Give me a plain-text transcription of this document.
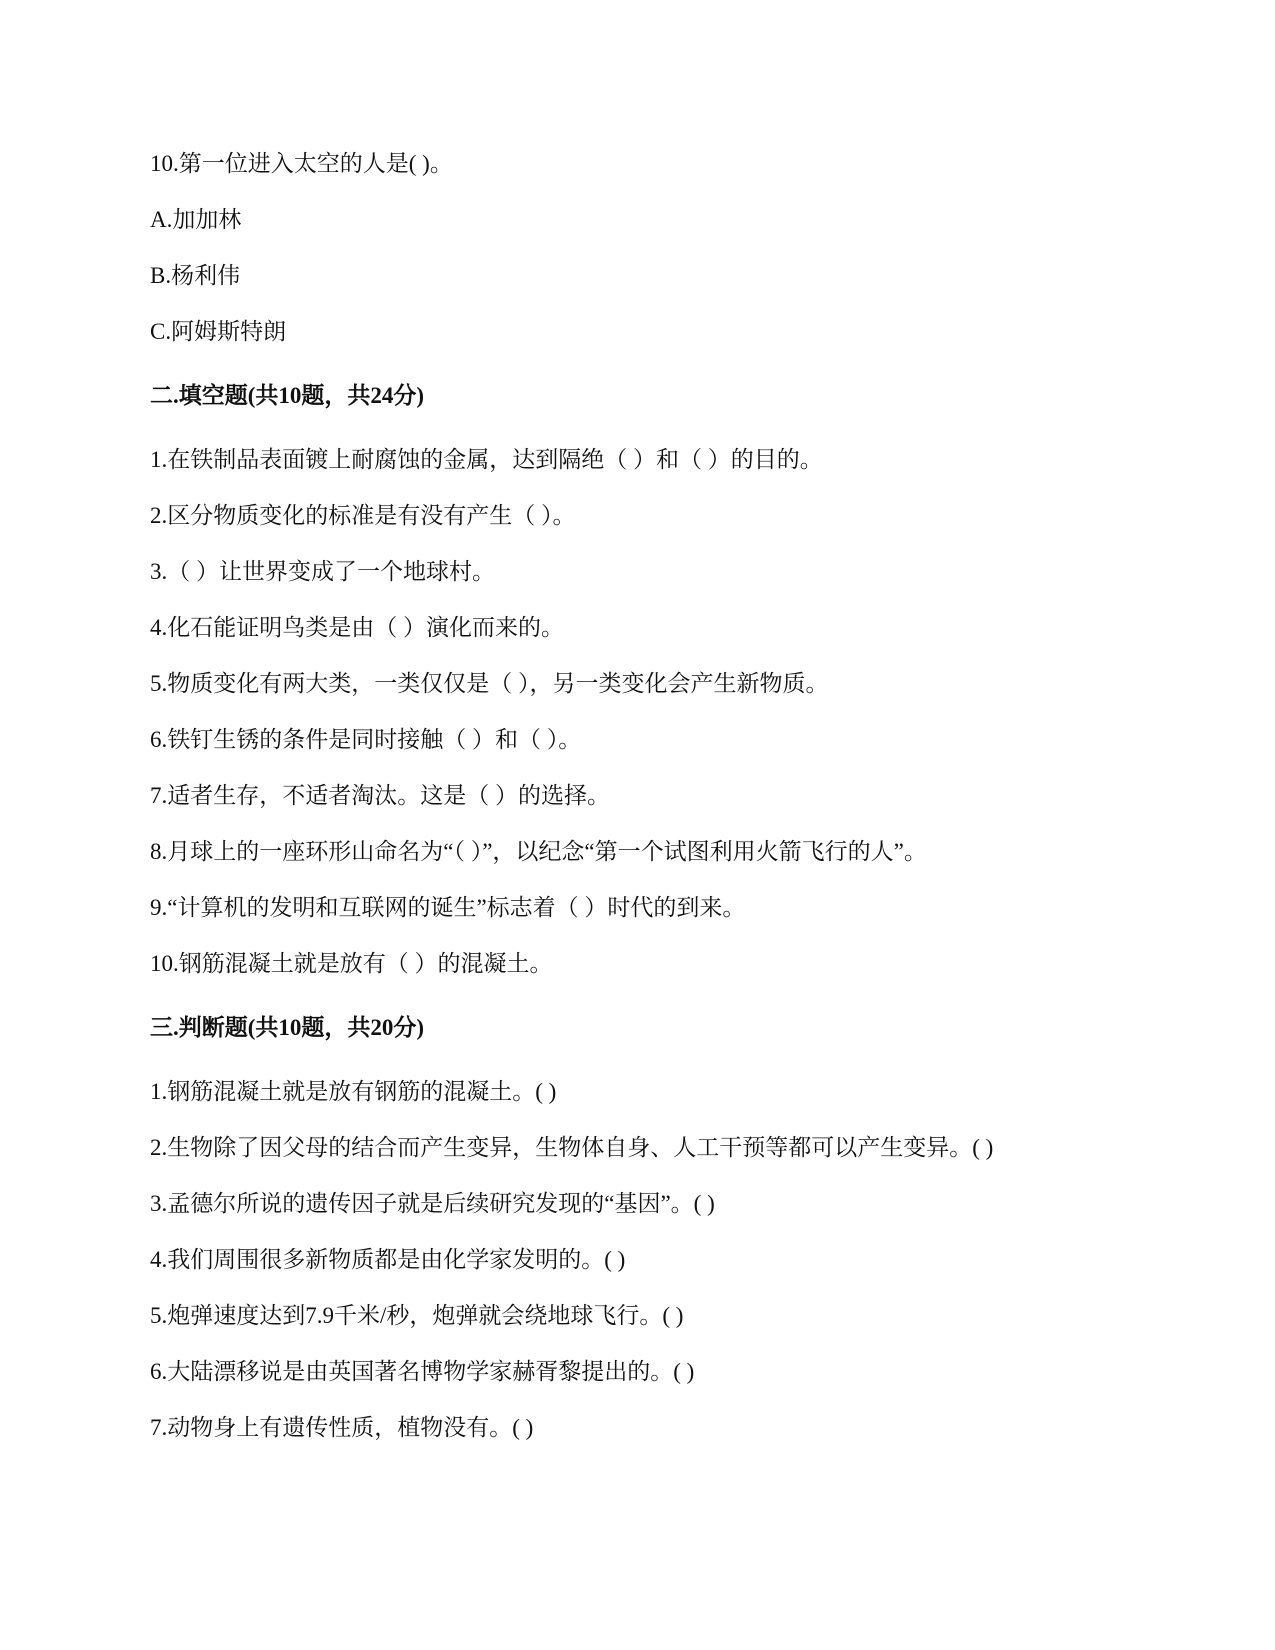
10.第一位进入太空的人是( )。
A.加加林
B.杨利伟
C.阿姆斯特朗
二.填空题(共10题，共24分)
1.在铁制品表面镀上耐腐蚀的金属，达到隔绝（ ）和（ ）的目的。
2.区分物质变化的标准是有没有产生（ ）。
3.（ ）让世界变成了一个地球村。
4.化石能证明鸟类是由（ ）演化而来的。
5.物质变化有两大类，一类仅仅是（ ），另一类变化会产生新物质。
6.铁钉生锈的条件是同时接触（ ）和（ ）。
7.适者生存，不适者淘汰。这是（ ）的选择。
8.月球上的一座环形山命名为“（ ）”，以纪念“第一个试图利用火箭飞行的人”。
9.“计算机的发明和互联网的诞生”标志着（ ）时代的到来。
10.钢筋混凝土就是放有（ ）的混凝土。
三.判断题(共10题，共20分)
1.钢筋混凝土就是放有钢筋的混凝土。( )
2.生物除了因父母的结合而产生变异，生物体自身、人工干预等都可以产生变异。( )
3.孟德尔所说的遗传因子就是后续研究发现的“基因”。( )
4.我们周围很多新物质都是由化学家发明的。( )
5.炮弹速度达到7.9千米/秒，炮弹就会绕地球飞行。( )
6.大陆漂移说是由英国著名博物学家赫胥黎提出的。( )
7.动物身上有遗传性质，植物没有。( )
